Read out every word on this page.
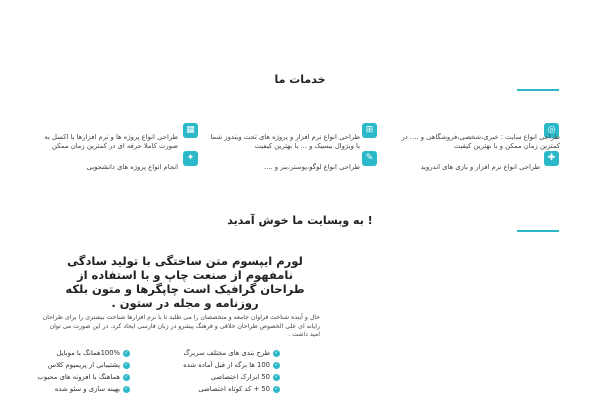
خدمات ما
◎
طراحی انواع سایت : خبری،شخصی،فروشگاهی و .... در کمترین زمان ممکن و با بهترین کیفیت
⊞
طراحی انواع نرم افزار و پروژه های تحت ویندوز شما با ویژوال بیسیک و ... با بهترین کیفیت
▦
طراحی انواع پروژه ها و نرم افزارها با اکسل به صورت کاملا حرفه ای در کمترین زمان ممکن
✚
طراحی انواع نرم افزار و بازی های اندروید
✎
طراحی انواع لوگو،پوستر،بنر و ....
✦
انجام انواع پروژه های دانشجویی
به وبسایت ما خوش آمدید !
لورم ایپسوم متن ساختگی با تولید سادگی نامفهوم از صنعت چاپ و با استفاده از طراحان گرافیک است چاپگرها و متون بلکه روزنامه و مجله در ستون .
حال و آینده شناخت فراوان جامعه و متخصصان را می طلبد تا با نرم افزارها شناخت بیشتری را برای طراحان رایانه ای علی الخصوص طراحان خلاقی و فرهنگ پیشرو در زبان فارسی ایجاد کرد. در این صورت می توان امید داشت .
✓
طرح بندی های مختلف سربرگ
✓
100 ها برگه از قبل آماده شده
✓
50 ابزارک اختصاصی
✓
50 + کد کوتاه اختصاصی
✓
100%همانگ با موبایل
✓
پشتیبانی از پریمیوم کلاس
✓
هماهنگ با افزونه های محبوب
✓
بهینه سازی و سئو شده
